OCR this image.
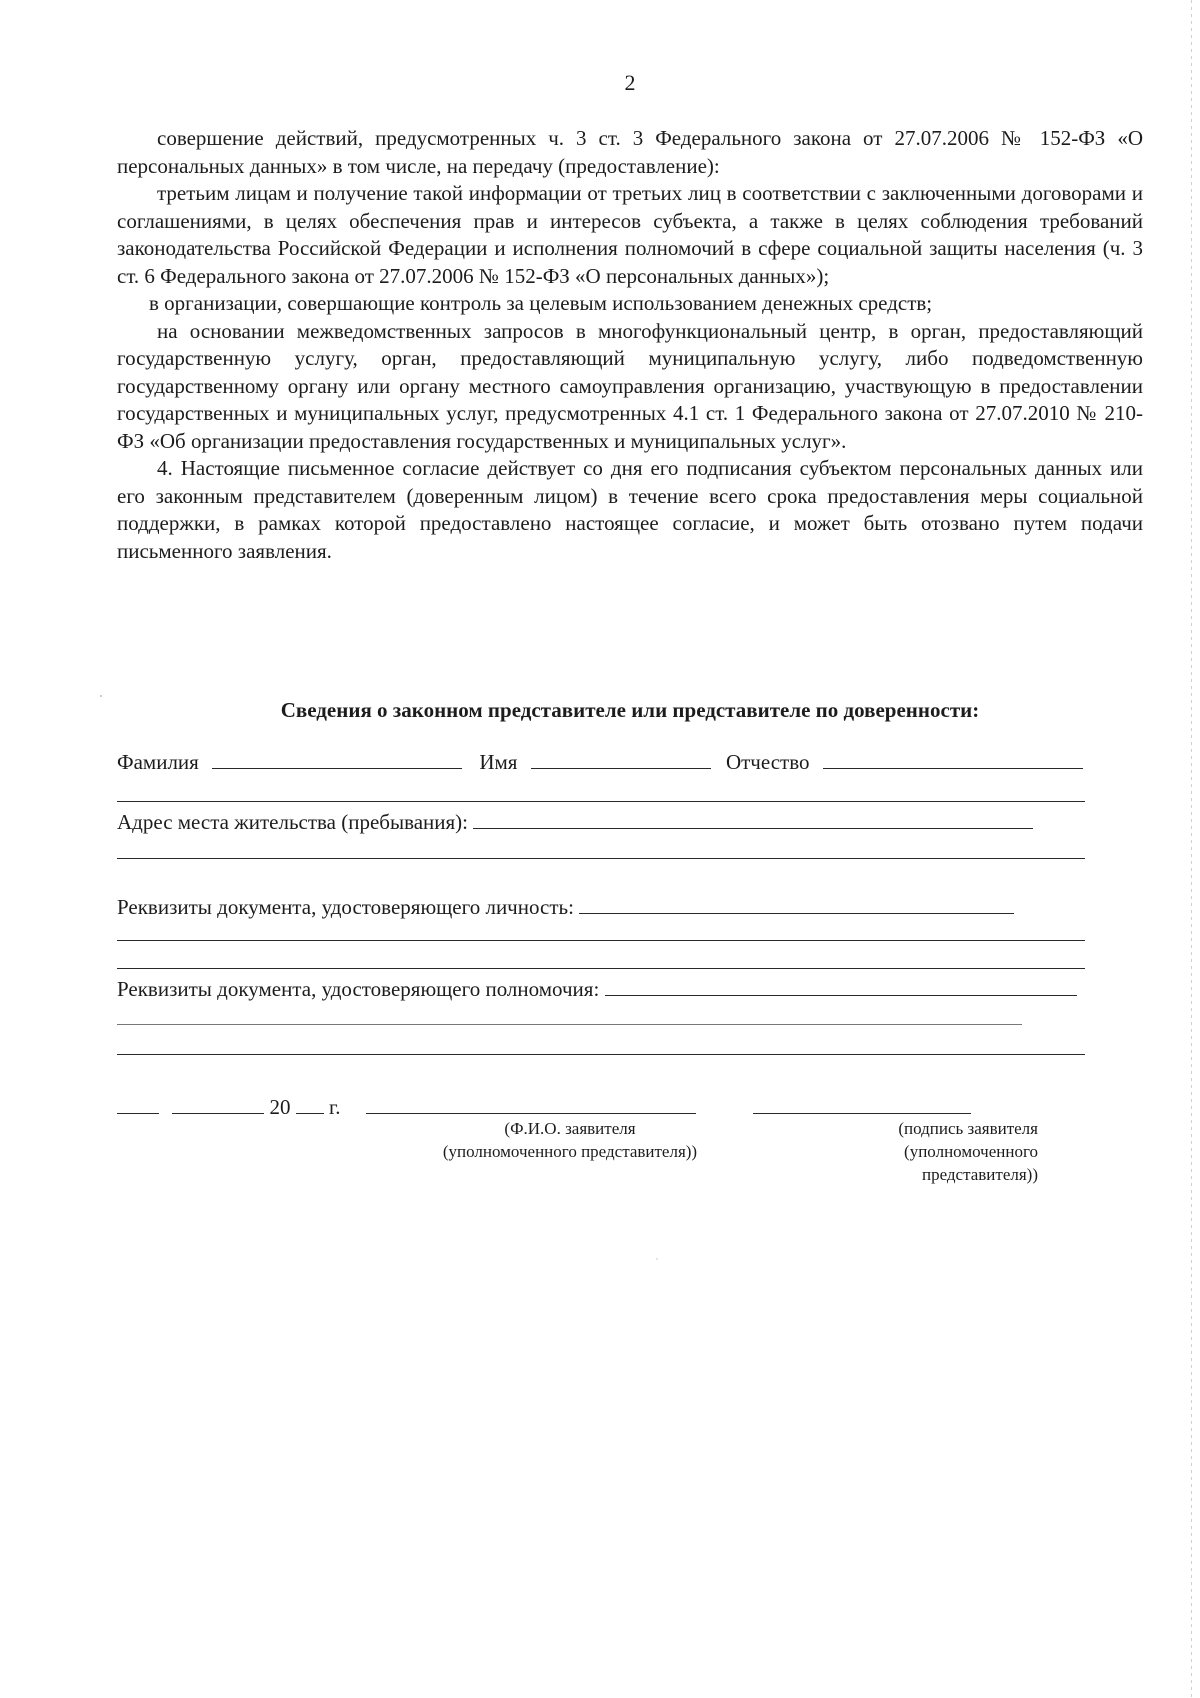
2

совершение действий, предусмотренных ч. 3 ст. 3 Федерального закона от 27.07.2006 № 152-ФЗ «О персональных данных» в том числе, на передачу (предоставление):

третьим лицам и получение такой информации от третьих лиц в соответствии с заключенными договорами и соглашениями, в целях обеспечения прав и интересов субъекта, а также в целях соблюдения требований законодательства Российской Федерации и исполнения полномочий в сфере социальной защиты населения (ч. 3 ст. 6 Федерального закона от 27.07.2006 № 152-ФЗ «О персональных данных»);

в организации, совершающие контроль за целевым использованием денежных средств;

на основании межведомственных запросов в многофункциональный центр, в орган, предоставляющий государственную услугу, орган, предоставляющий муниципальную услугу, либо подведомственную государственному органу или органу местного самоуправления организацию, участвующую в предоставлении государственных и муниципальных услуг, предусмотренных 4.1 ст. 1 Федерального закона от 27.07.2010 № 210-ФЗ «Об организации предоставления государственных и муниципальных услуг».

4. Настоящие письменное согласие действует со дня его подписания субъектом персональных данных или его законным представителем (доверенным лицом) в течение всего срока предоставления меры социальной поддержки, в рамках которой предоставлено настоящее согласие, и может быть отозвано путем подачи письменного заявления.

Сведения о законном представителе или представителе по доверенности:
Фамилия	Имя	Отчество
Адрес места жительства (пребывания):
Реквизиты документа, удостоверяющего личность:
Реквизиты документа, удостоверяющего полномочия:
20 г.
(Ф.И.О. заявителя
(уполномоченного представителя))
(подпись заявителя
(уполномоченного
представителя))
